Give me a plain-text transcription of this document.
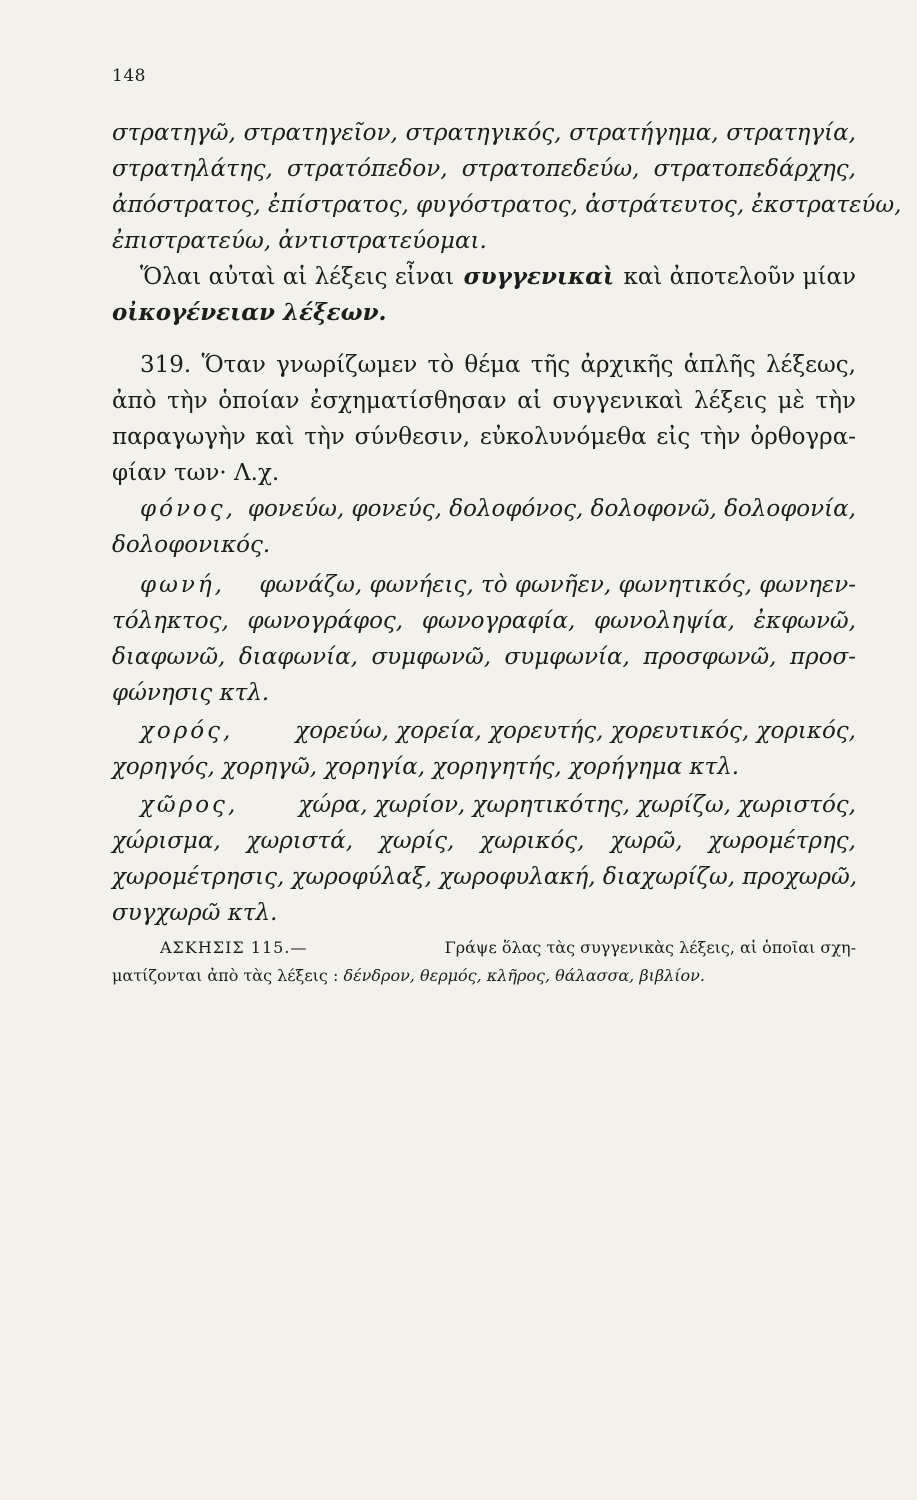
148
στρατηγῶ, στρατηγεῖον, στρατηγικός, στρατήγημα, στρατηγία,
στρατηλάτης, στρατόπεδον, στρατοπεδεύω, στρατοπεδάρχης,
ἀπόστρατος, ἐπίστρατος, φυγόστρατος, ἀστράτευτος, ἐκστρατεύω,
ἐπιστρατεύω, ἀντιστρατεύομαι.
Ὅλαι αὐταὶ αἱ λέξεις εἶναι συγγενικαὶ καὶ ἀποτελοῦν μίαν
οἰκογένειαν λέξεων.
319. Ὅταν γνωρίζωμεν τὸ θέμα τῆς ἀρχικῆς ἁπλῆς λέξεως,
ἀπὸ τὴν ὁποίαν ἐσχηματίσθησαν αἱ συγγενικαὶ λέξεις μὲ τὴν
παραγωγὴν καὶ τὴν σύνθεσιν, εὐκολυνόμεθα εἰς τὴν ὀρθογρα-
φίαν των· Λ.χ.
φόνος, φονεύω, φονεύς, δολοφόνος, δολοφονῶ, δολοφονία,
δολοφονικός.
φωνή, φωνάζω, φωνήεις, τὸ φωνῆεν, φωνητικός, φωνηεν-
τόληκτος, φωνογράφος, φωνογραφία, φωνοληψία, ἐκφωνῶ,
διαφωνῶ, διαφωνία, συμφωνῶ, συμφωνία, προσφωνῶ, προσ-
φώνησις κτλ.
χορός,	χορεύω, χορεία, χορευτής, χορευτικός, χορικός,
χορηγός, χορηγῶ, χορηγία, χορηγητής, χορήγημα κτλ.
χῶρος,	χώρα, χωρίον, χωρητικότης, χωρίζω, χωριστός,
χώρισμα, χωριστά, χωρίς, χωρικός, χωρῶ, χωρομέτρης,
χωρομέτρησις, χωροφύλαξ, χωροφυλακή, διαχωρίζω, προχωρῶ,
συγχωρῶ κτλ.
ΑΣΚΗΣΙΣ 115.—	Γράψε ὅλας τὰς συγγενικὰς λέξεις, αἱ ὁποῖαι σχη-
ματίζονται ἀπὸ τὰς λέξεις : δένδρον, θερμός, κλῆρος, θάλασσα, βιβλίον.
